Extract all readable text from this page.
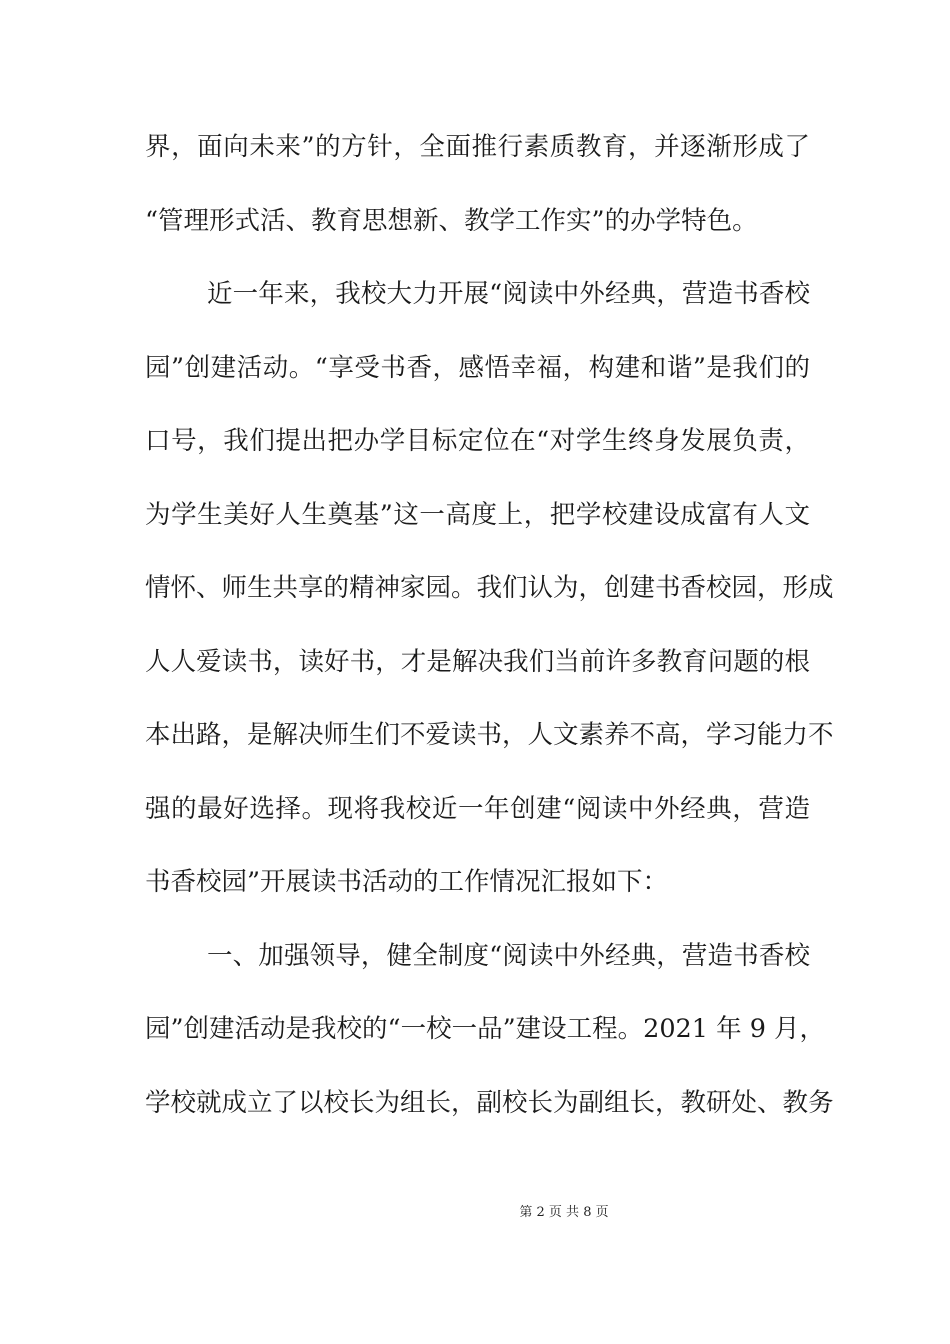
界，面向未来”的方针，全面推行素质教育，并逐渐形成了
“管理形式活、教育思想新、教学工作实”的办学特色。
近一年来，我校大力开展“阅读中外经典，营造书香校
园”创建活动。“享受书香，感悟幸福，构建和谐”是我们的
口号，我们提出把办学目标定位在“对学生终身发展负责，
为学生美好人生奠基”这一高度上，把学校建设成富有人文
情怀、师生共享的精神家园。我们认为，创建书香校园，形成
人人爱读书，读好书，才是解决我们当前许多教育问题的根
本出路，是解决师生们不爱读书，人文素养不高，学习能力不
强的最好选择。现将我校近一年创建“阅读中外经典，营造
书香校园”开展读书活动的工作情况汇报如下：
一、加强领导，健全制度“阅读中外经典，营造书香校
园”创建活动是我校的“一校一品”建设工程。2021 年 9 月，
学校就成立了以校长为组长，副校长为副组长，教研处、教务
第 2 页 共 8 页
